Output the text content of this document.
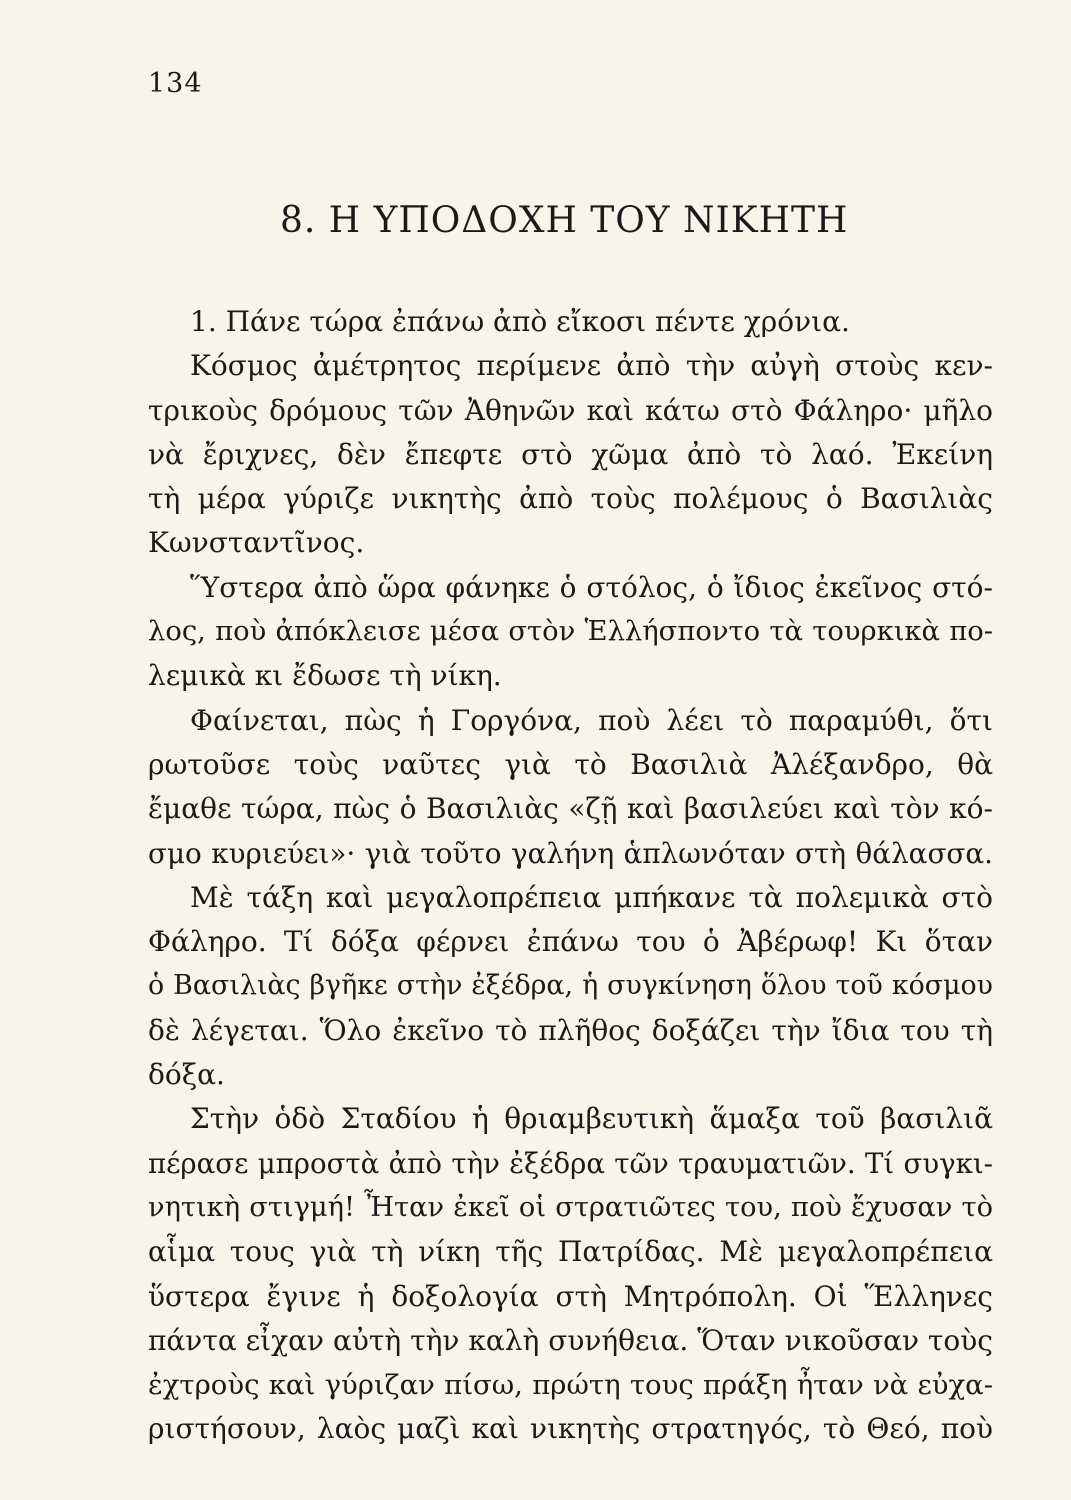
134
8. Η ΥΠΟΔΟΧΗ ΤΟΥ ΝΙΚΗΤΗ
1. Πάνε τώρα ἐπάνω ἀπὸ εἴκοσι πέντε χρόνια.
Κόσμος ἀμέτρητος περίμενε ἀπὸ τὴν αὐγὴ στοὺς κεν-
τρικοὺς δρόμους τῶν Ἀθηνῶν καὶ κάτω στὸ Φάληρο· μῆλο
νὰ ἔριχνες, δὲν ἔπεφτε στὸ χῶμα ἀπὸ τὸ λαό. Ἐκείνη
τὴ μέρα γύριζε νικητὴς ἀπὸ τοὺς πολέμους ὁ Βασιλιὰς
Κωνσταντῖνος.
Ὕστερα ἀπὸ ὥρα φάνηκε ὁ στόλος, ὁ ἴδιος ἐκεῖνος στό-
λος, ποὺ ἀπόκλεισε μέσα στὸν Ἑλλήσποντο τὰ τουρκικὰ πο-
λεμικὰ κι ἔδωσε τὴ νίκη.
Φαίνεται, πὼς ἡ Γοργόνα, ποὺ λέει τὸ παραμύθι, ὅτι
ρωτοῦσε τοὺς ναῦτες γιὰ τὸ Βασιλιὰ Ἀλέξανδρο, θὰ
ἔμαθε τώρα, πὼς ὁ Βασιλιὰς «ζῇ καὶ βασιλεύει καὶ τὸν κό-
σμο κυριεύει»· γιὰ τοῦτο γαλήνη ἁπλωνόταν στὴ θάλασσα.
Μὲ τάξη καὶ μεγαλοπρέπεια μπήκανε τὰ πολεμικὰ στὸ
Φάληρο. Τί δόξα φέρνει ἐπάνω του ὁ Ἀβέρωφ! Κι ὅταν
ὁ Βασιλιὰς βγῆκε στὴν ἐξέδρα, ἡ συγκίνηση ὅλου τοῦ κόσμου
δὲ λέγεται. Ὅλο ἐκεῖνο τὸ πλῆθος δοξάζει τὴν ἴδια του τὴ
δόξα.
Στὴν ὁδὸ Σταδίου ἡ θριαμβευτικὴ ἅμαξα τοῦ βασιλιᾶ
πέρασε μπροστὰ ἀπὸ τὴν ἐξέδρα τῶν τραυματιῶν. Τί συγκι-
νητικὴ στιγμή! Ἦταν ἐκεῖ οἱ στρατιῶτες του, ποὺ ἔχυσαν τὸ
αἷμα τους γιὰ τὴ νίκη τῆς Πατρίδας. Μὲ μεγαλοπρέπεια
ὕστερα ἔγινε ἡ δοξολογία στὴ Μητρόπολη. Οἱ Ἕλληνες
πάντα εἶχαν αὐτὴ τὴν καλὴ συνήθεια. Ὅταν νικοῦσαν τοὺς
ἐχτροὺς καὶ γύριζαν πίσω, πρώτη τους πράξη ἦταν νὰ εὐχα-
ριστήσουν, λαὸς μαζὶ καὶ νικητὴς στρατηγός, τὸ Θεό, ποὺ
